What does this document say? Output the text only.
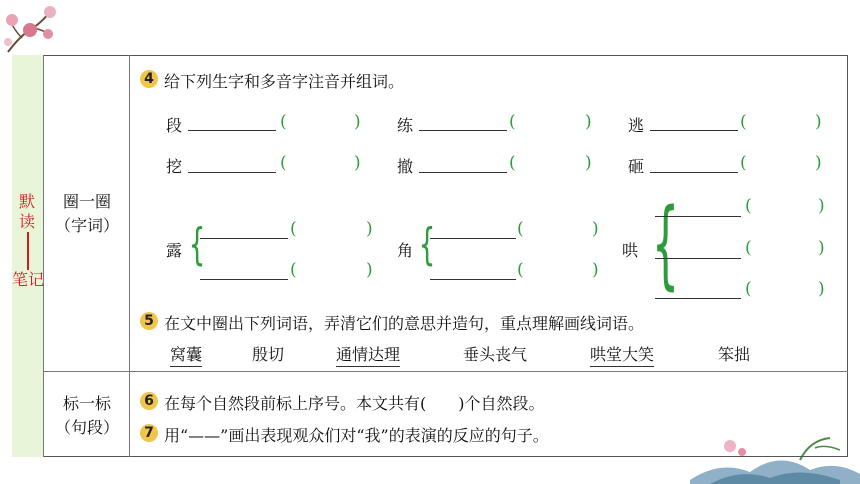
默读
笔记
圈一圈
（字词）
标一标
（句段）
4 给下列生字和多音字注音并组词。
段	(	) 练	(	) 逃	(	)
挖	(	) 撤	(	) 砸	(	)
露 {	(	)
(	)
角 {	(	)
(	)
哄 {	(	)
(	)
(	)
5 在文中圈出下列词语，弄清它们的意思并造句，重点理解画线词语。
窝囊	殷切	通情达理	垂头丧气	哄堂大笑	笨拙
6 在每个自然段前标上序号。本文共有(　　)个自然段。
7 用“——”画出表现观众们对“我”的表演的反应的句子。
